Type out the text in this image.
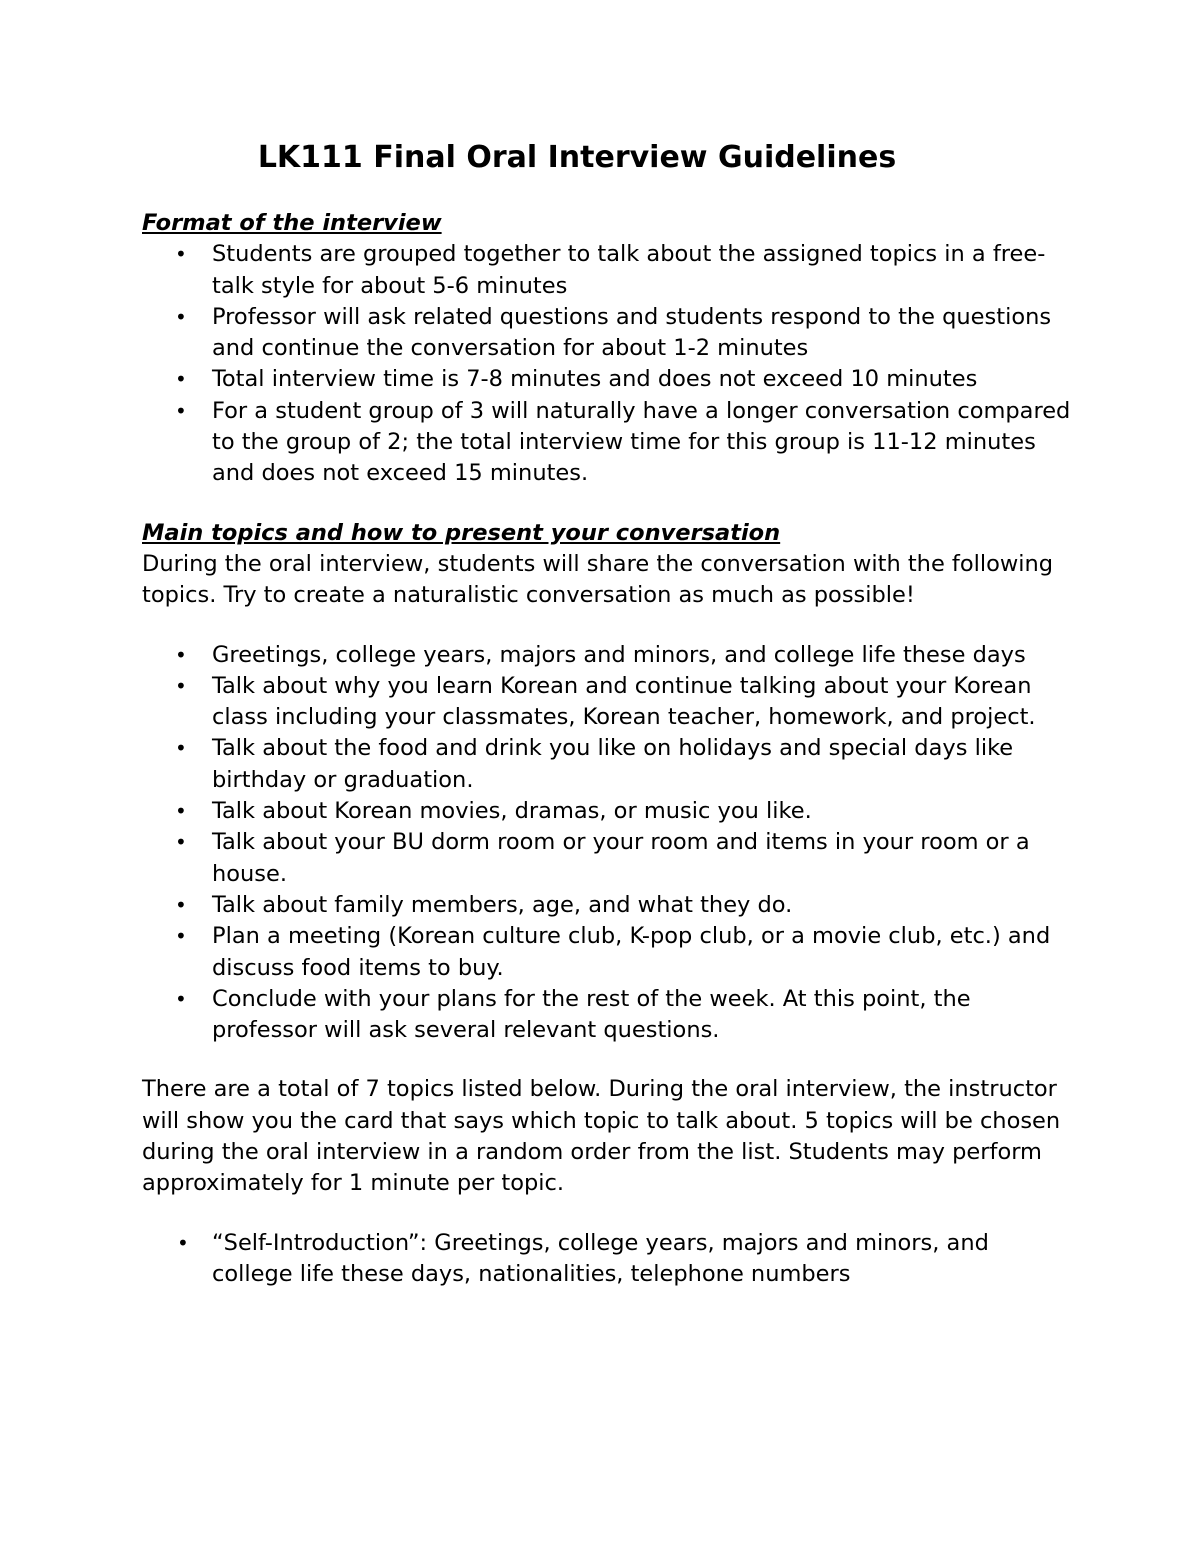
LK111 Final Oral Interview Guidelines
Format of the interview
• Students are grouped together to talk about the assigned topics in a free-talk style for about 5-6 minutes
• Professor will ask related questions and students respond to the questions and continue the conversation for about 1-2 minutes
• Total interview time is 7-8 minutes and does not exceed 10 minutes
• For a student group of 3 will naturally have a longer conversation compared to the group of 2; the total interview time for this group is 11-12 minutes and does not exceed 15 minutes.
Main topics and how to present your conversation

During the oral interview, students will share the conversation with the following topics. Try to create a naturalistic conversation as much as possible!

• Greetings, college years, majors and minors, and college life these days
• Talk about why you learn Korean and continue talking about your Korean class including your classmates, Korean teacher, homework, and project.
• Talk about the food and drink you like on holidays and special days like birthday or graduation.
• Talk about Korean movies, dramas, or music you like.
• Talk about your BU dorm room or your room and items in your room or a house.
• Talk about family members, age, and what they do.
• Plan a meeting (Korean culture club, K-pop club, or a movie club, etc.) and discuss food items to buy.
• Conclude with your plans for the rest of the week. At this point, the professor will ask several relevant questions.

There are a total of 7 topics listed below. During the oral interview, the instructor will show you the card that says which topic to talk about. 5 topics will be chosen during the oral interview in a random order from the list. Students may perform approximately for 1 minute per topic.

• “Self-Introduction”: Greetings, college years, majors and minors, and college life these days, nationalities, telephone numbers
